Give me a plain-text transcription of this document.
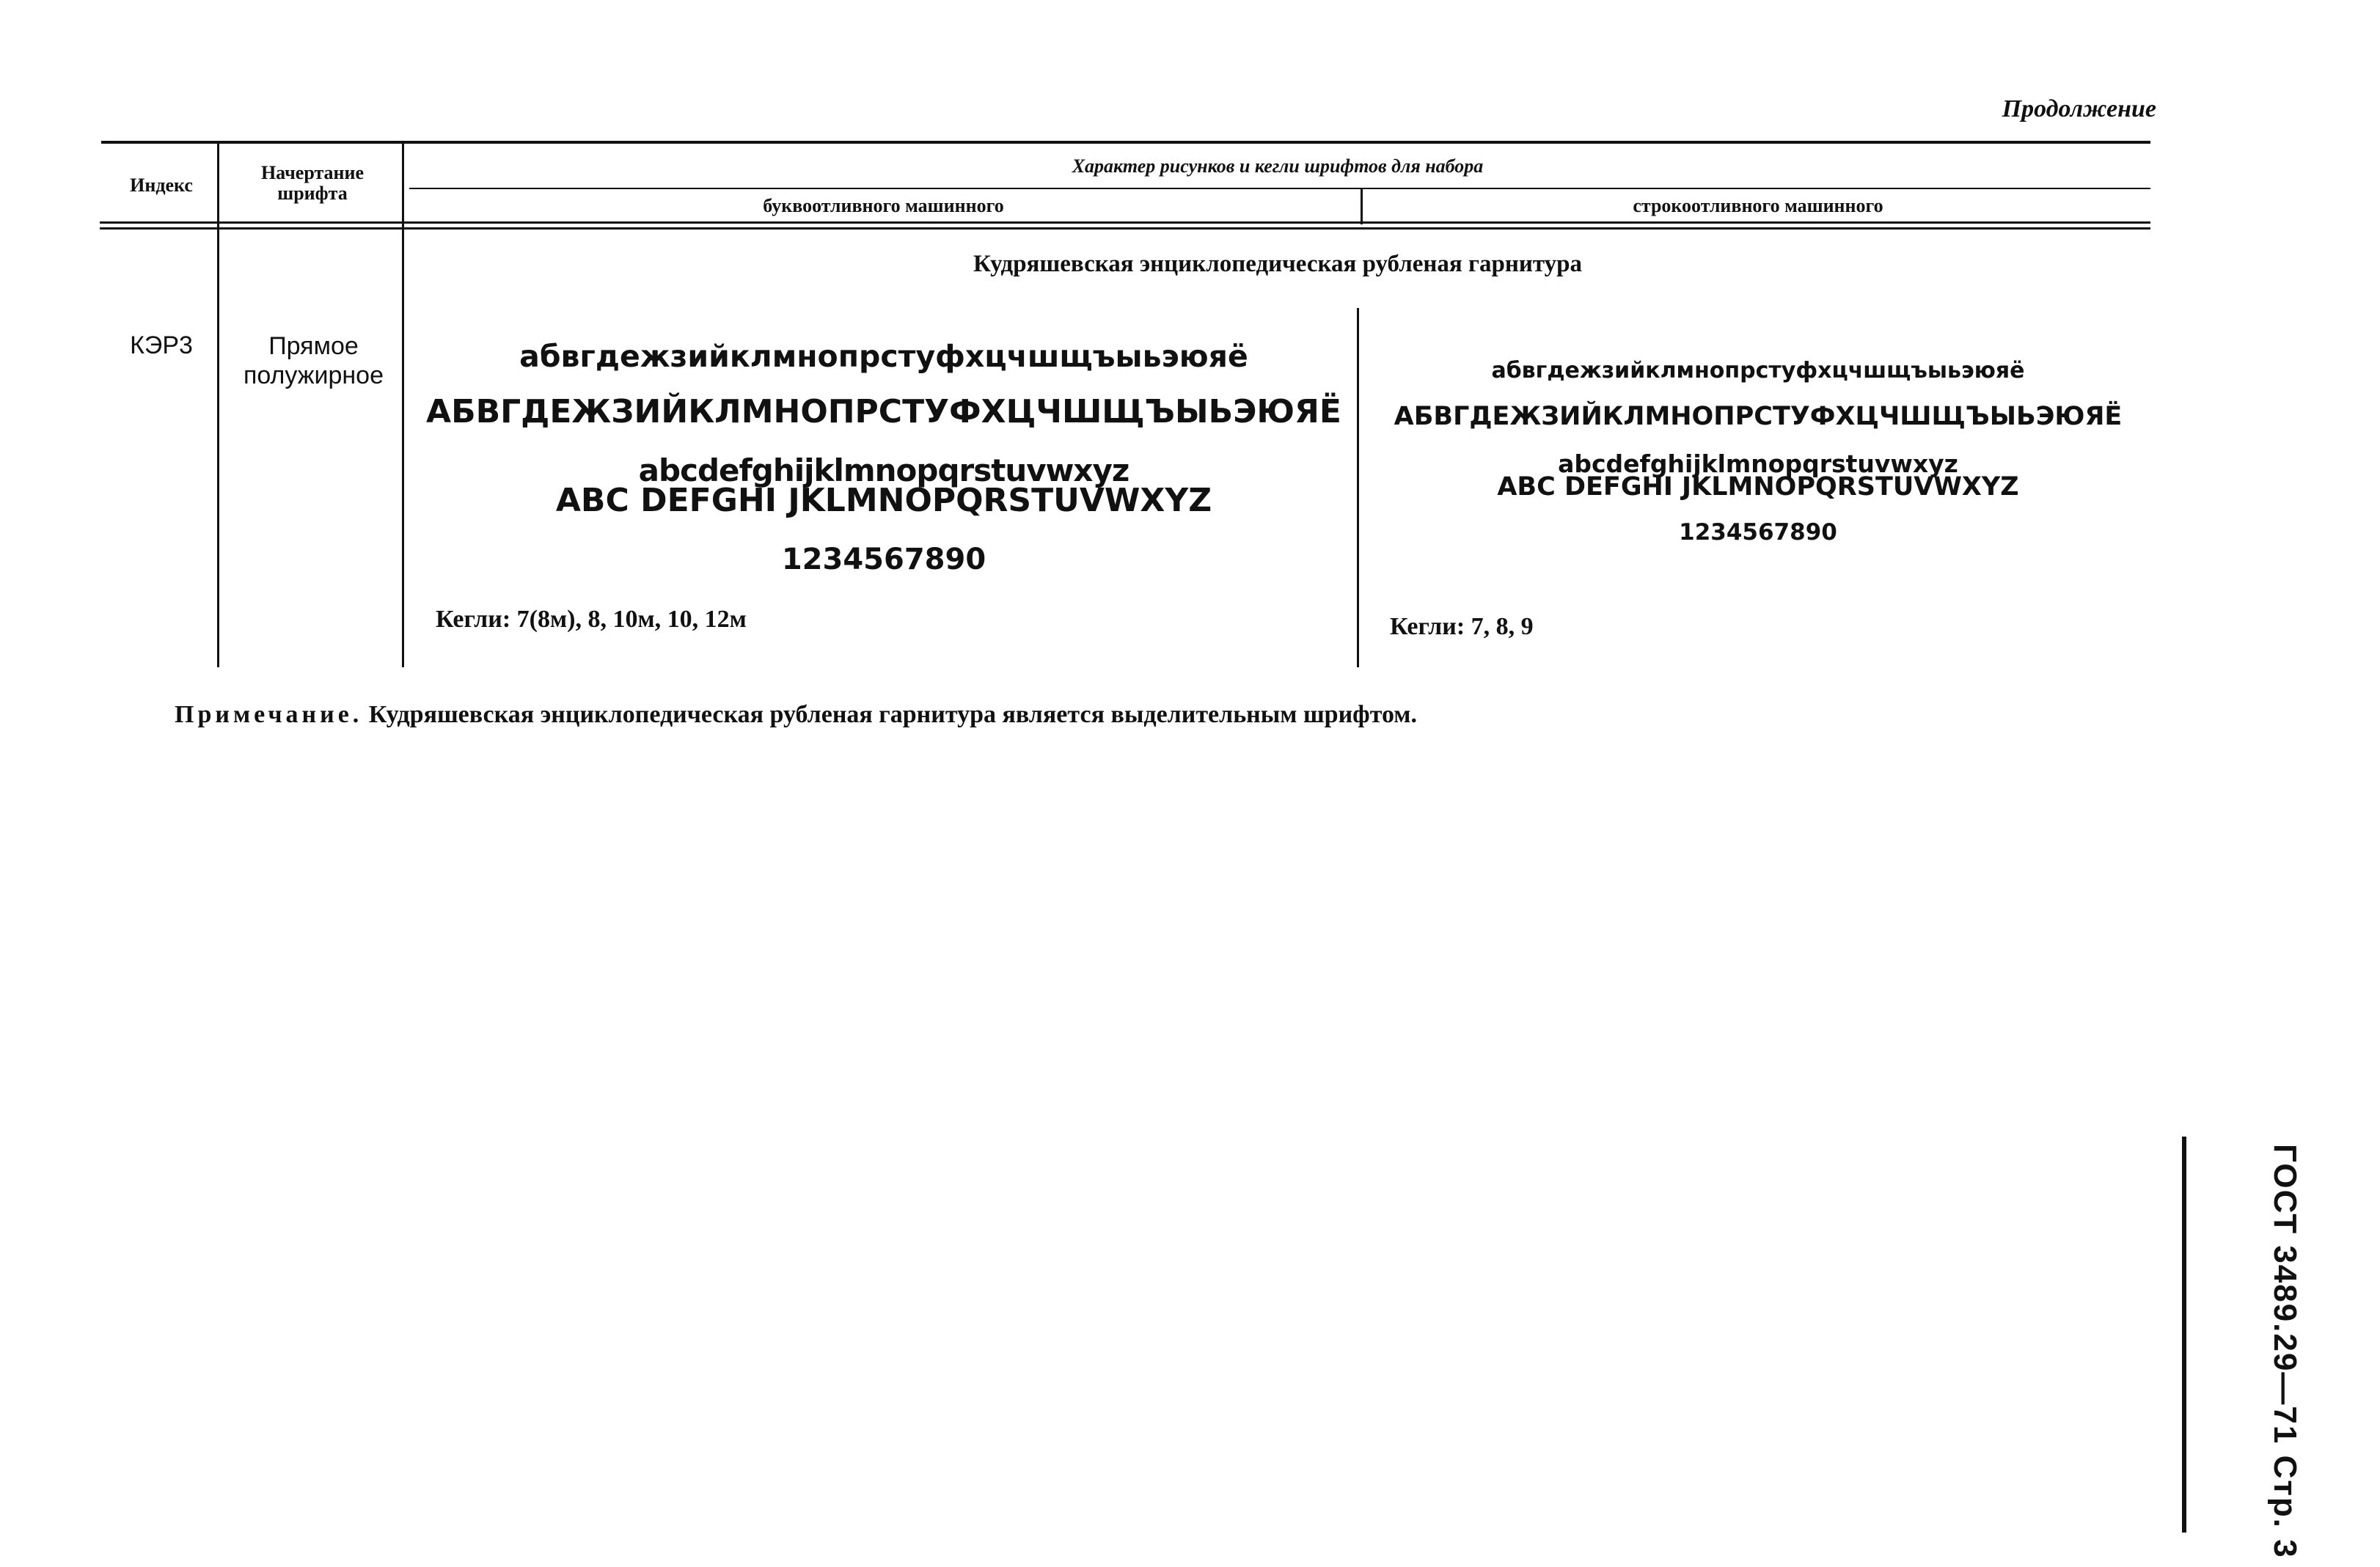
Продолжение
Индекс
Начертание
шрифта
Характер рисунков и кегли шрифтов для набора
буквоотливного машинного	строкоотливного машинного
Кудряшевская энциклопедическая рубленая гарнитура
КЭР3	Прямое
полужирное
абвгдежзийклмнопрстуфхцчшщъыьэюяё
АБВГДЕЖЗИЙКЛМНОПРСТУФХЦЧШЩЪЫЬЭЮЯЁ
abcdefghijklmnopqrstuvwxyz
ABC DEFGHI JKLMNOPQRSTUVWXYZ
1234567890
Кегли: 7(8м), 8, 10м, 10, 12м
абвгдежзийклмнопрстуфхцчшщъыьэюяё
АБВГДЕЖЗИЙКЛМНОПРСТУФХЦЧШЩЪЫЬЭЮЯЁ
abcdefghijklmnopqrstuvwxyz
ABC DEFGHI JKLMNOPQRSTUVWXYZ
1234567890
Кегли: 7, 8, 9
Примечание. Кудряшевская энциклопедическая рубленая гарнитура является выделительным шрифтом.
ГОСТ 3489.29—71 Стр. 3
